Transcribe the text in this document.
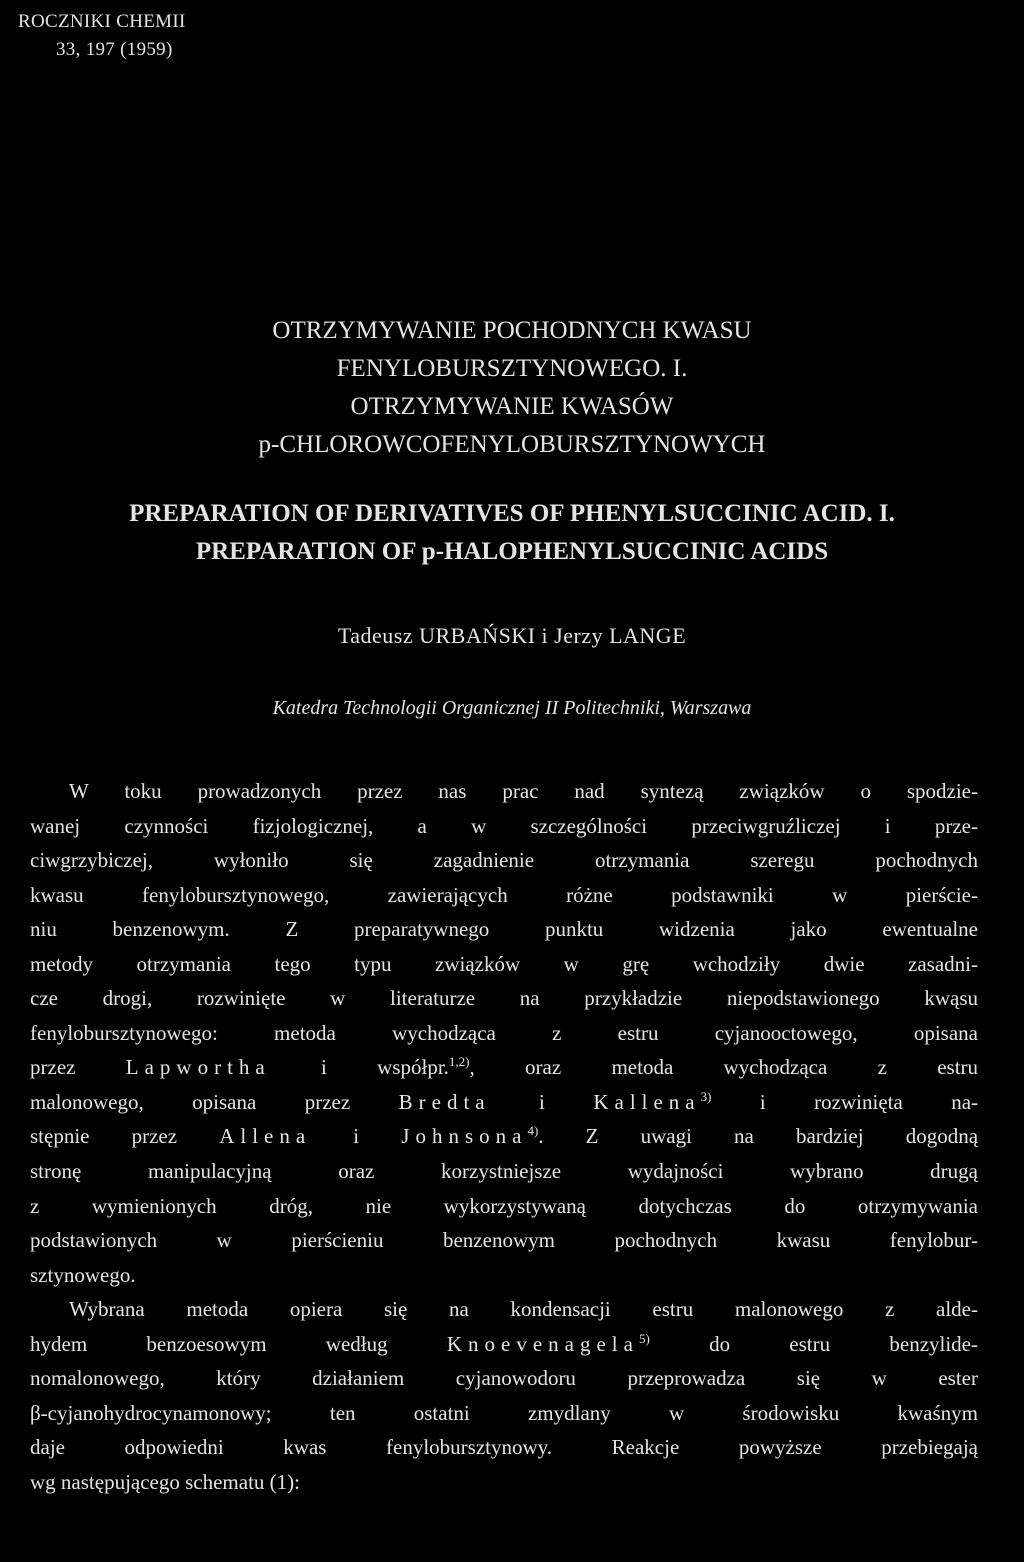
ROCZNIKI CHEMII
33, 197 (1959)
OTRZYMYWANIE POCHODNYCH KWASU
FENYLOBURSZTYNOWEGO. I.
OTRZYMYWANIE KWASÓW
p-CHLOROWCOFENYLOBURSZTYNOWYCH
PREPARATION OF DERIVATIVES OF PHENYLSUCCINIC ACID. I.
PREPARATION OF p-HALOPHENYLSUCCINIC ACIDS
Tadeusz URBAŃSKI i Jerzy LANGE
Katedra Technologii Organicznej II Politechniki, Warszawa
W toku prowadzonych przez nas prac nad syntezą związków o spodzie-
wanej czynności fizjologicznej, a w szczególności przeciwgruźliczej i prze-
ciwgrzybiczej, wyłoniło się zagadnienie otrzymania szeregu pochodnych
kwasu fenylobursztynowego, zawierających różne podstawniki w pierście-
niu benzenowym. Z preparatywnego punktu widzenia jako ewentualne
metody otrzymania tego typu związków w grę wchodziły dwie zasadni-
cze drogi, rozwinięte w literaturze na przykładzie niepodstawionego kwąsu
fenylobursztynowego: metoda wychodząca z estru cyjanooctowego, opisana
przez Lapwortha i współpr.$^{1,2)}$, oraz metoda wychodząca z estru
malonowego, opisana przez Bredta i Kallena$^{3)}$ i rozwinięta na-
stępnie przez Allena i Johnsona$^{4)}$. Z uwagi na bardziej dogodną
stronę manipulacyjną oraz korzystniejsze wydajności wybrano drugą
z wymienionych dróg, nie wykorzystywaną dotychczas do otrzymywania
podstawionych w pierścieniu benzenowym pochodnych kwasu fenylobur-
sztynowego.
Wybrana metoda opiera się na kondensacji estru malonowego z alde-
hydem benzoesowym według	Knoevenagela$^{5)}$	do estru benzylide-
nomalonowego, który działaniem cyjanowodoru przeprowadza się w ester
β-cyjanohydrocynamonowy; ten ostatni zmydlany w środowisku kwaśnym
daje odpowiedni kwas fenylobursztynowy. Reakcje powyższe przebiegają
wg następującego schematu (1):
